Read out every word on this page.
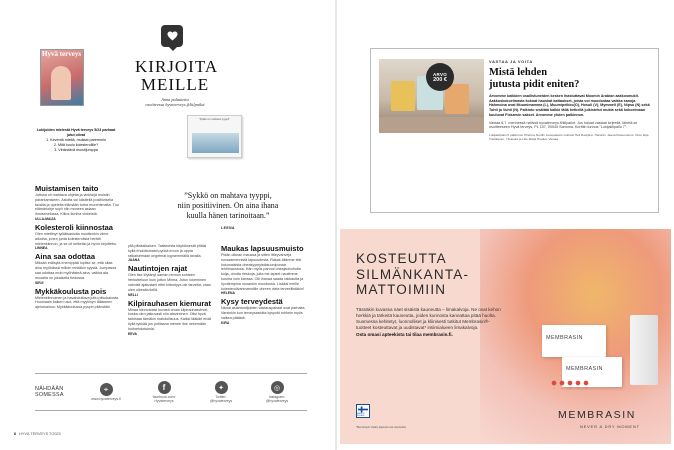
Hyvä terveys
Lukijoiden mielestä Hyvä terveys 5/23 parhaat jutut olivat
1. Keventä mieltä, muistat paremmin
2. Mitä kuulu kolesterolille?
3. Vinkistävä muistijumppa
KIRJOITA
MEILLE
Anna palautetta
osoitteessa hyvaterveys.fi/kilpailut
”Sykkö on mahtava tyyppi!”
”Sykkö on mahtava tyyppi,
niin positiivinen. On aina ihana
kuulla hänen tarinoitaan.”
LEENA
Muistamisen taito
Juttusa oli mahtava ohjeita ja vinkkejä muistin parantamiseen. Asioita voi käsitellä positiivisella tavalla ja opetella elämään turha murehtimatta. Tuo elämänohje sopii niin moneen asiaan ihmisenelossa. Kiitos Ilunina vinkeistä.
ULLA-MAIJA
Kolesteroli kiinnostaa
Olen miettinyt työläisasioita muuttenkin viime aikoina, jonen junta kolesterolista herätti mielenkiinnon, ja se oli selkeäsi ja hyvin kirjoitettu.
LINNEA
Aina saa odottaa
Miksän eräisyiä enemppää lopitse se, että ollaa aina myöhässä milloin mistäkin syystä. Jumpassa saa odottaa mutt myöhästeä aina, vaikka ala muualla on jokaisella tiedossa.
SIRJI
Mykkäkoulusta pois
Mielenkiinnoinen ja havahduttava juttu pitkokaiosta. Huomaain kaiken usoi, että myyllinyn tällaiseen ajelumainoo. Mykkäkoulussa pysyin pitämään
yllä pitkäaikaisen. Tallainesta käytöksestä pitäisi kyllä ehdottomasti pyrkiä eroon ja oppia ratkaisemaan ongelmat kypsemmällä tavalla.
JAANA
Nautintojen rajat
Olen itse löytänyt saman rennon suhteen herkutteluun kuin juttun Minna. Jutun lukeminen vahvisti ajatustani ettei kirtostyys ole tarvetta, vaan olen oikealla tiellä.
NELLI
Kilpirauhasen kiemurat
Minaa kiinnostaisi kovasti oman kilpirauhasvirvet, koska olen jatkuvasti niin alavireinen. Olisi hyvä tarkistaa tämäkin mahdollisuus. Kaikki lääkäri eivät kyllä tykkää jos potilaana menee itse nekemään hoitoehdotuksia.
EEVA
Maukas lapsuusmuisto
Pidän oikean maussa ja sitten litteyvahveja runsaamennistä lapsuudesta. Rakas äitimme teki kokonaisista oheasyymyistäsuunipunaa lehtimaustosa. Hän myös pannoi oheajauhohoita kolja, ohutta rieskoja, joita me lapset nautimme kuuma voin kanssa. Olli ihanaa saada rakkautta ja hyväempina nuoankin muodossa. Lisäksi meille kolesterolivanmamdille ohreen viela terveellistäkin!
HELENA
Kysy terveydestä
Nämä asiantuntijoiden vastauspalstat ovat parhaita. Varsinkin kun terveysasioita kysyvät rohkein myös vaikea pääistä.
KIRA
NÄHDÄÄN
SOMESSA
⌖
www.hyvaterveys.fi
f
facebook.com/
Hyvaterveys
✦
Twitter:
@hyvaterveys
◎
Instagram:
@hyvaterveys
6 HYVÄ TERVEYS 7/2023
ARVO
200 €
VASTAA JA VOITA
Mistä lehden
jutusta pidit eniten?
Arvomme kaikkien osallistuneiden kesken ihastuttavat Moomin Arabian aakkosmukit. Aakkoskokoelmasta kokoat hauskat kattaukset, joista voi muodostaa vaikka sanoja. Hahmoina ovat Muumimamma (L), Muumipeikko(O), Hosuli (V), Mymmeli (E), Nipsu (N) sekä Tuhti ja Vuhti (N). Palkinto sisältää kaikki tällä hetkellä julkistetut mukia sekä kokoelmaan kuuluvat Fiskarsin sakset. Arvomme yhden palkinnon.
Vastaa 6.7. mennessä netissä hyvaterveys.fi/kilpailut. Jos haluat vastata kirjeellä, lähetä se osoitteeseen Hyvä terveys, PL 107, 00040 Sanoma. Korttiin tunnus "Lukijakilpailu 7".
Lukijakilpailu 5 palkinnon Pharma Nordin tuotepaketin voittivat Heli Ravijärvi, Helsinki, Jaana Klasuuniemi, Oulu, Eija Tuukkanen, Ylivieska ja Lilie-Maija Huotka, Vantaa.
KOSTEUTTA
SILMÄNKANTA-
MATTOIMIIN
Tässäkin kuvassa näet sisäistä kauneutta – limakalvoja. Ne ovat kehon herkkiä ja tärkeitä kauneutta, joiden kunnosta kannattaa pitää huolta. Suomessa kehitetyt, luonnolliset ja kliinisesti tutkitut Membrasin®-tuotteet kosteuttavat ja uudistavat* intiimialueen limakalvoja.
Osta omasi apteekista tai tilaa membrasin.fi.
MADE IN FINLAND
*Membrasin Vitality kapselit ovat ravintolisä.
MEMBRASIN
MEMBRASIN
MEMBRASIN
NEVER A DRY MOMENT
